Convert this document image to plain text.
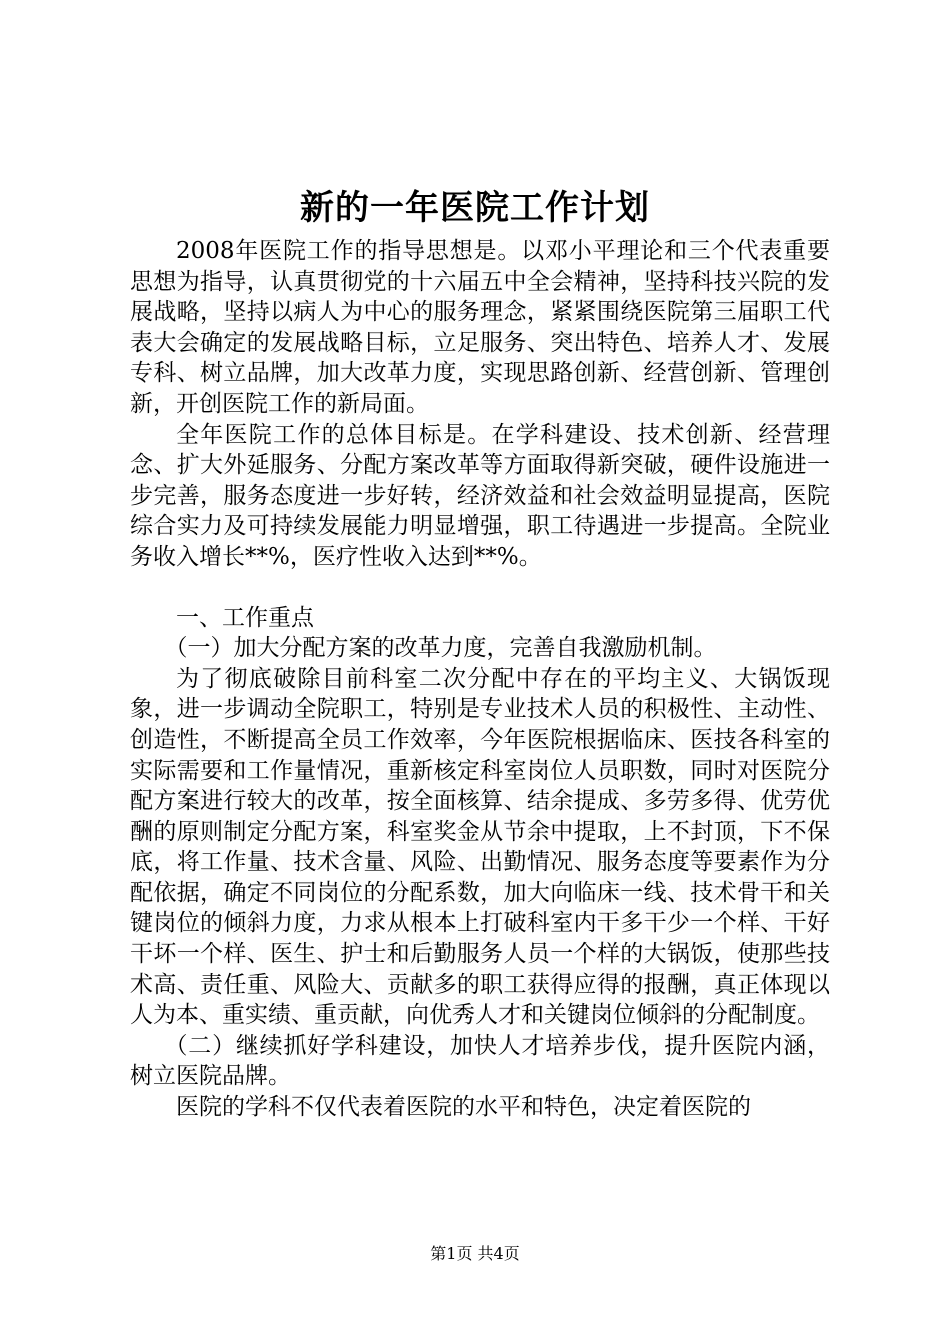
新的一年医院工作计划

2008年医院工作的指导思想是。以邓小平理论和三个代表重要思想为指导，认真贯彻党的十六届五中全会精神，坚持科技兴院的发展战略，坚持以病人为中心的服务理念，紧紧围绕医院第三届职工代表大会确定的发展战略目标，立足服务、突出特色、培养人才、发展专科、树立品牌，加大改革力度，实现思路创新、经营创新、管理创新，开创医院工作的新局面。

全年医院工作的总体目标是。在学科建设、技术创新、经营理念、扩大外延服务、分配方案改革等方面取得新突破，硬件设施进一步完善，服务态度进一步好转，经济效益和社会效益明显提高，医院综合实力及可持续发展能力明显增强，职工待遇进一步提高。全院业务收入增长**%，医疗性收入达到**%。

一、工作重点

（一）加大分配方案的改革力度，完善自我激励机制。

为了彻底破除目前科室二次分配中存在的平均主义、大锅饭现象，进一步调动全院职工，特别是专业技术人员的积极性、主动性、创造性，不断提高全员工作效率，今年医院根据临床、医技各科室的实际需要和工作量情况，重新核定科室岗位人员职数，同时对医院分配方案进行较大的改革，按全面核算、结余提成、多劳多得、优劳优酬的原则制定分配方案，科室奖金从节余中提取，上不封顶，下不保底，将工作量、技术含量、风险、出勤情况、服务态度等要素作为分配依据，确定不同岗位的分配系数，加大向临床一线、技术骨干和关键岗位的倾斜力度，力求从根本上打破科室内干多干少一个样、干好干坏一个样、医生、护士和后勤服务人员一个样的大锅饭，使那些技术高、责任重、风险大、贡献多的职工获得应得的报酬，真正体现以人为本、重实绩、重贡献，向优秀人才和关键岗位倾斜的分配制度。

（二）继续抓好学科建设，加快人才培养步伐，提升医院内涵，树立医院品牌。

医院的学科不仅代表着医院的水平和特色，决定着医院的

第1页 共4页
